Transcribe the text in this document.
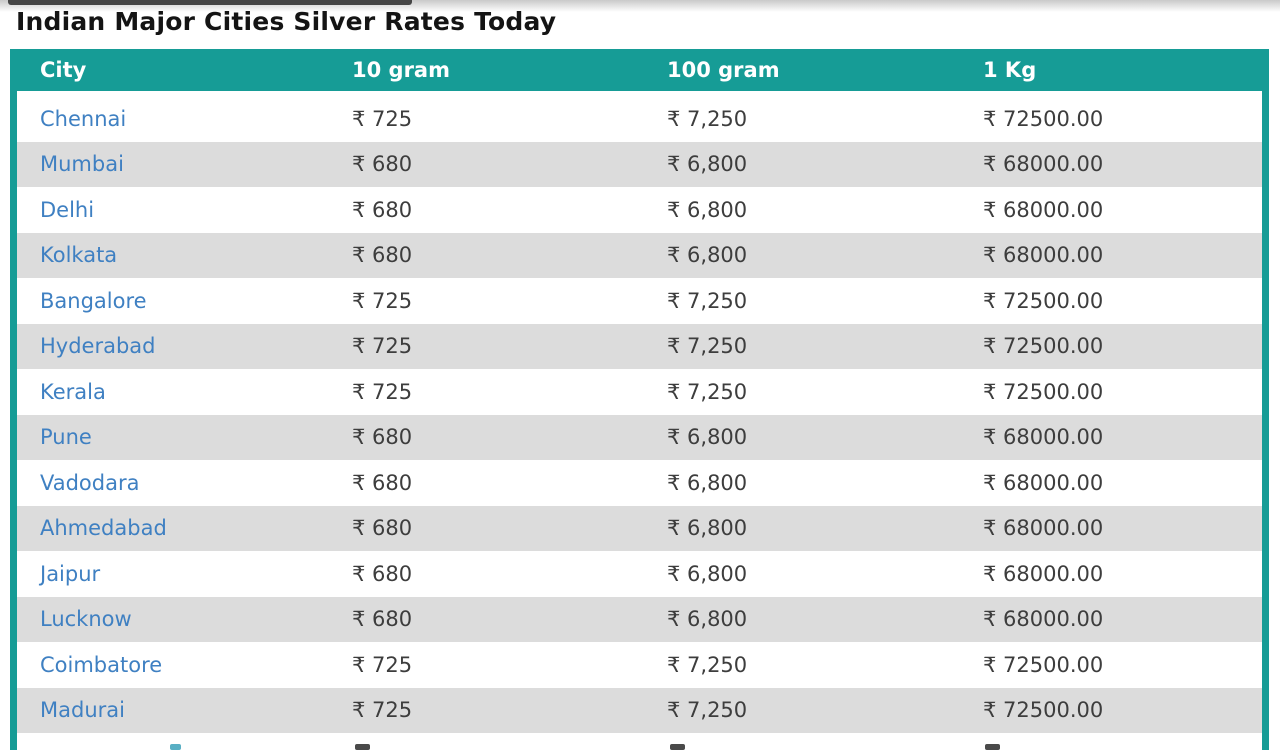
Indian Major Cities Silver Rates Today
City	10 gram	100 gram	1 Kg
Chennai	₹ 725	₹ 7,250	₹ 72500.00
Mumbai	₹ 680	₹ 6,800	₹ 68000.00
Delhi	₹ 680	₹ 6,800	₹ 68000.00
Kolkata	₹ 680	₹ 6,800	₹ 68000.00
Bangalore	₹ 725	₹ 7,250	₹ 72500.00
Hyderabad	₹ 725	₹ 7,250	₹ 72500.00
Kerala	₹ 725	₹ 7,250	₹ 72500.00
Pune	₹ 680	₹ 6,800	₹ 68000.00
Vadodara	₹ 680	₹ 6,800	₹ 68000.00
Ahmedabad	₹ 680	₹ 6,800	₹ 68000.00
Jaipur	₹ 680	₹ 6,800	₹ 68000.00
Lucknow	₹ 680	₹ 6,800	₹ 68000.00
Coimbatore	₹ 725	₹ 7,250	₹ 72500.00
Madurai	₹ 725	₹ 7,250	₹ 72500.00
